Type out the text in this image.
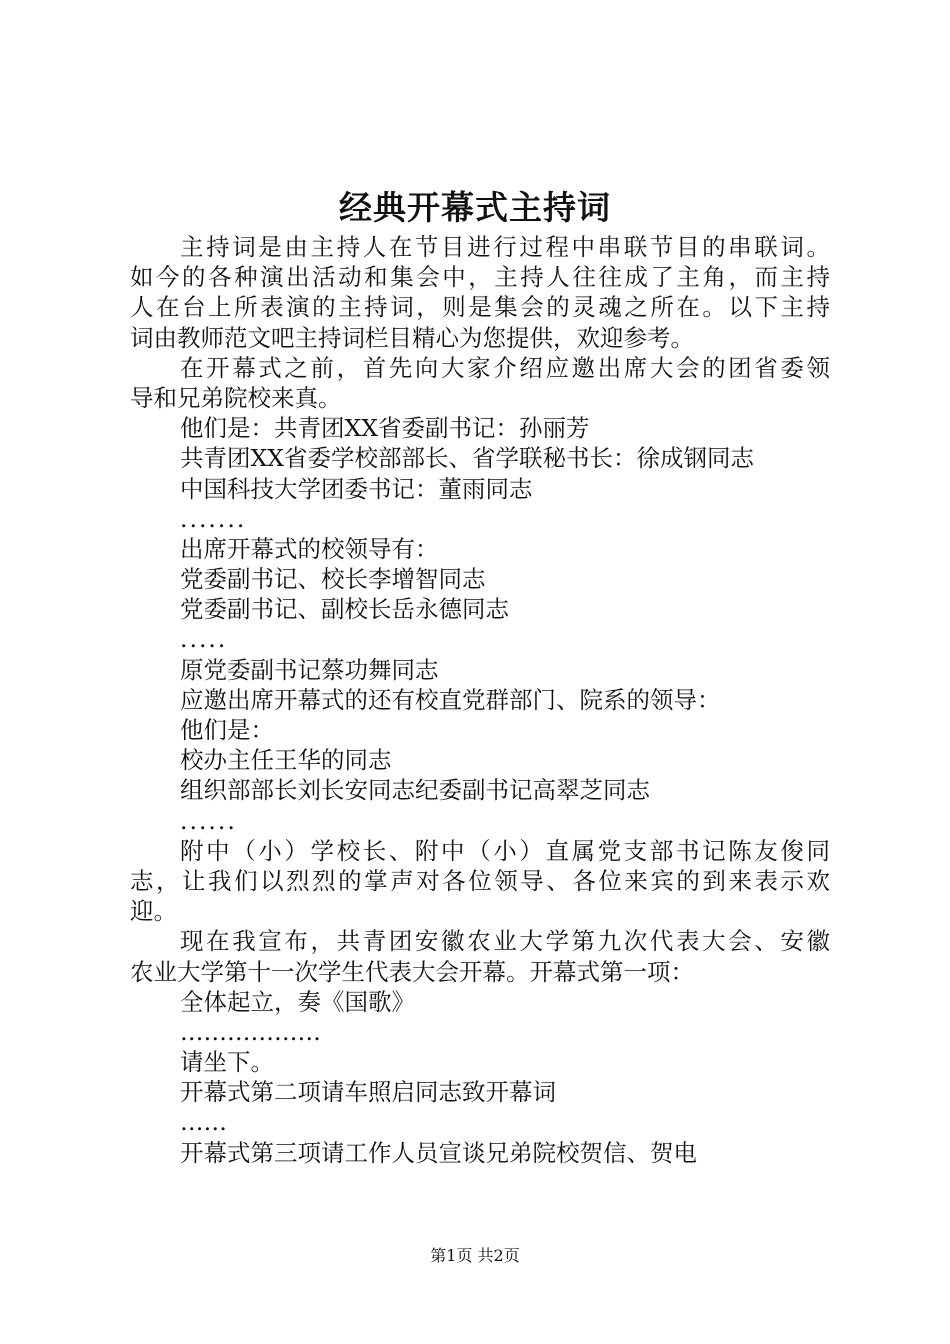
经典开幕式主持词
主持词是由主持人在节目进行过程中串联节目的串联词。
如今的各种演出活动和集会中，主持人往往成了主角，而主持
人在台上所表演的主持词，则是集会的灵魂之所在。以下主持
词由教师范文吧主持词栏目精心为您提供，欢迎参考。
在开幕式之前，首先向大家介绍应邀出席大会的团省委领
导和兄弟院校来真。
他们是：共青团XX省委副书记：孙丽芳
共青团XX省委学校部部长、省学联秘书长：徐成钢同志
中国科技大学团委书记：董雨同志
.......
出席开幕式的校领导有：
党委副书记、校长李增智同志
党委副书记、副校长岳永德同志
.....
原党委副书记蔡功舞同志
应邀出席开幕式的还有校直党群部门、院系的领导：
他们是：
校办主任王华的同志
组织部部长刘长安同志纪委副书记高翠芝同志
......
附中（小）学校长、附中（小）直属党支部书记陈友俊同
志，让我们以烈烈的掌声对各位领导、各位来宾的到来表示欢
迎。
现在我宣布，共青团安徽农业大学第九次代表大会、安徽
农业大学第十一次学生代表大会开幕。开幕式第一项：
全体起立，奏《国歌》
………………
请坐下。
开幕式第二项请车照启同志致开幕词
……
开幕式第三项请工作人员宣谈兄弟院校贺信、贺电
第1页 共2页
